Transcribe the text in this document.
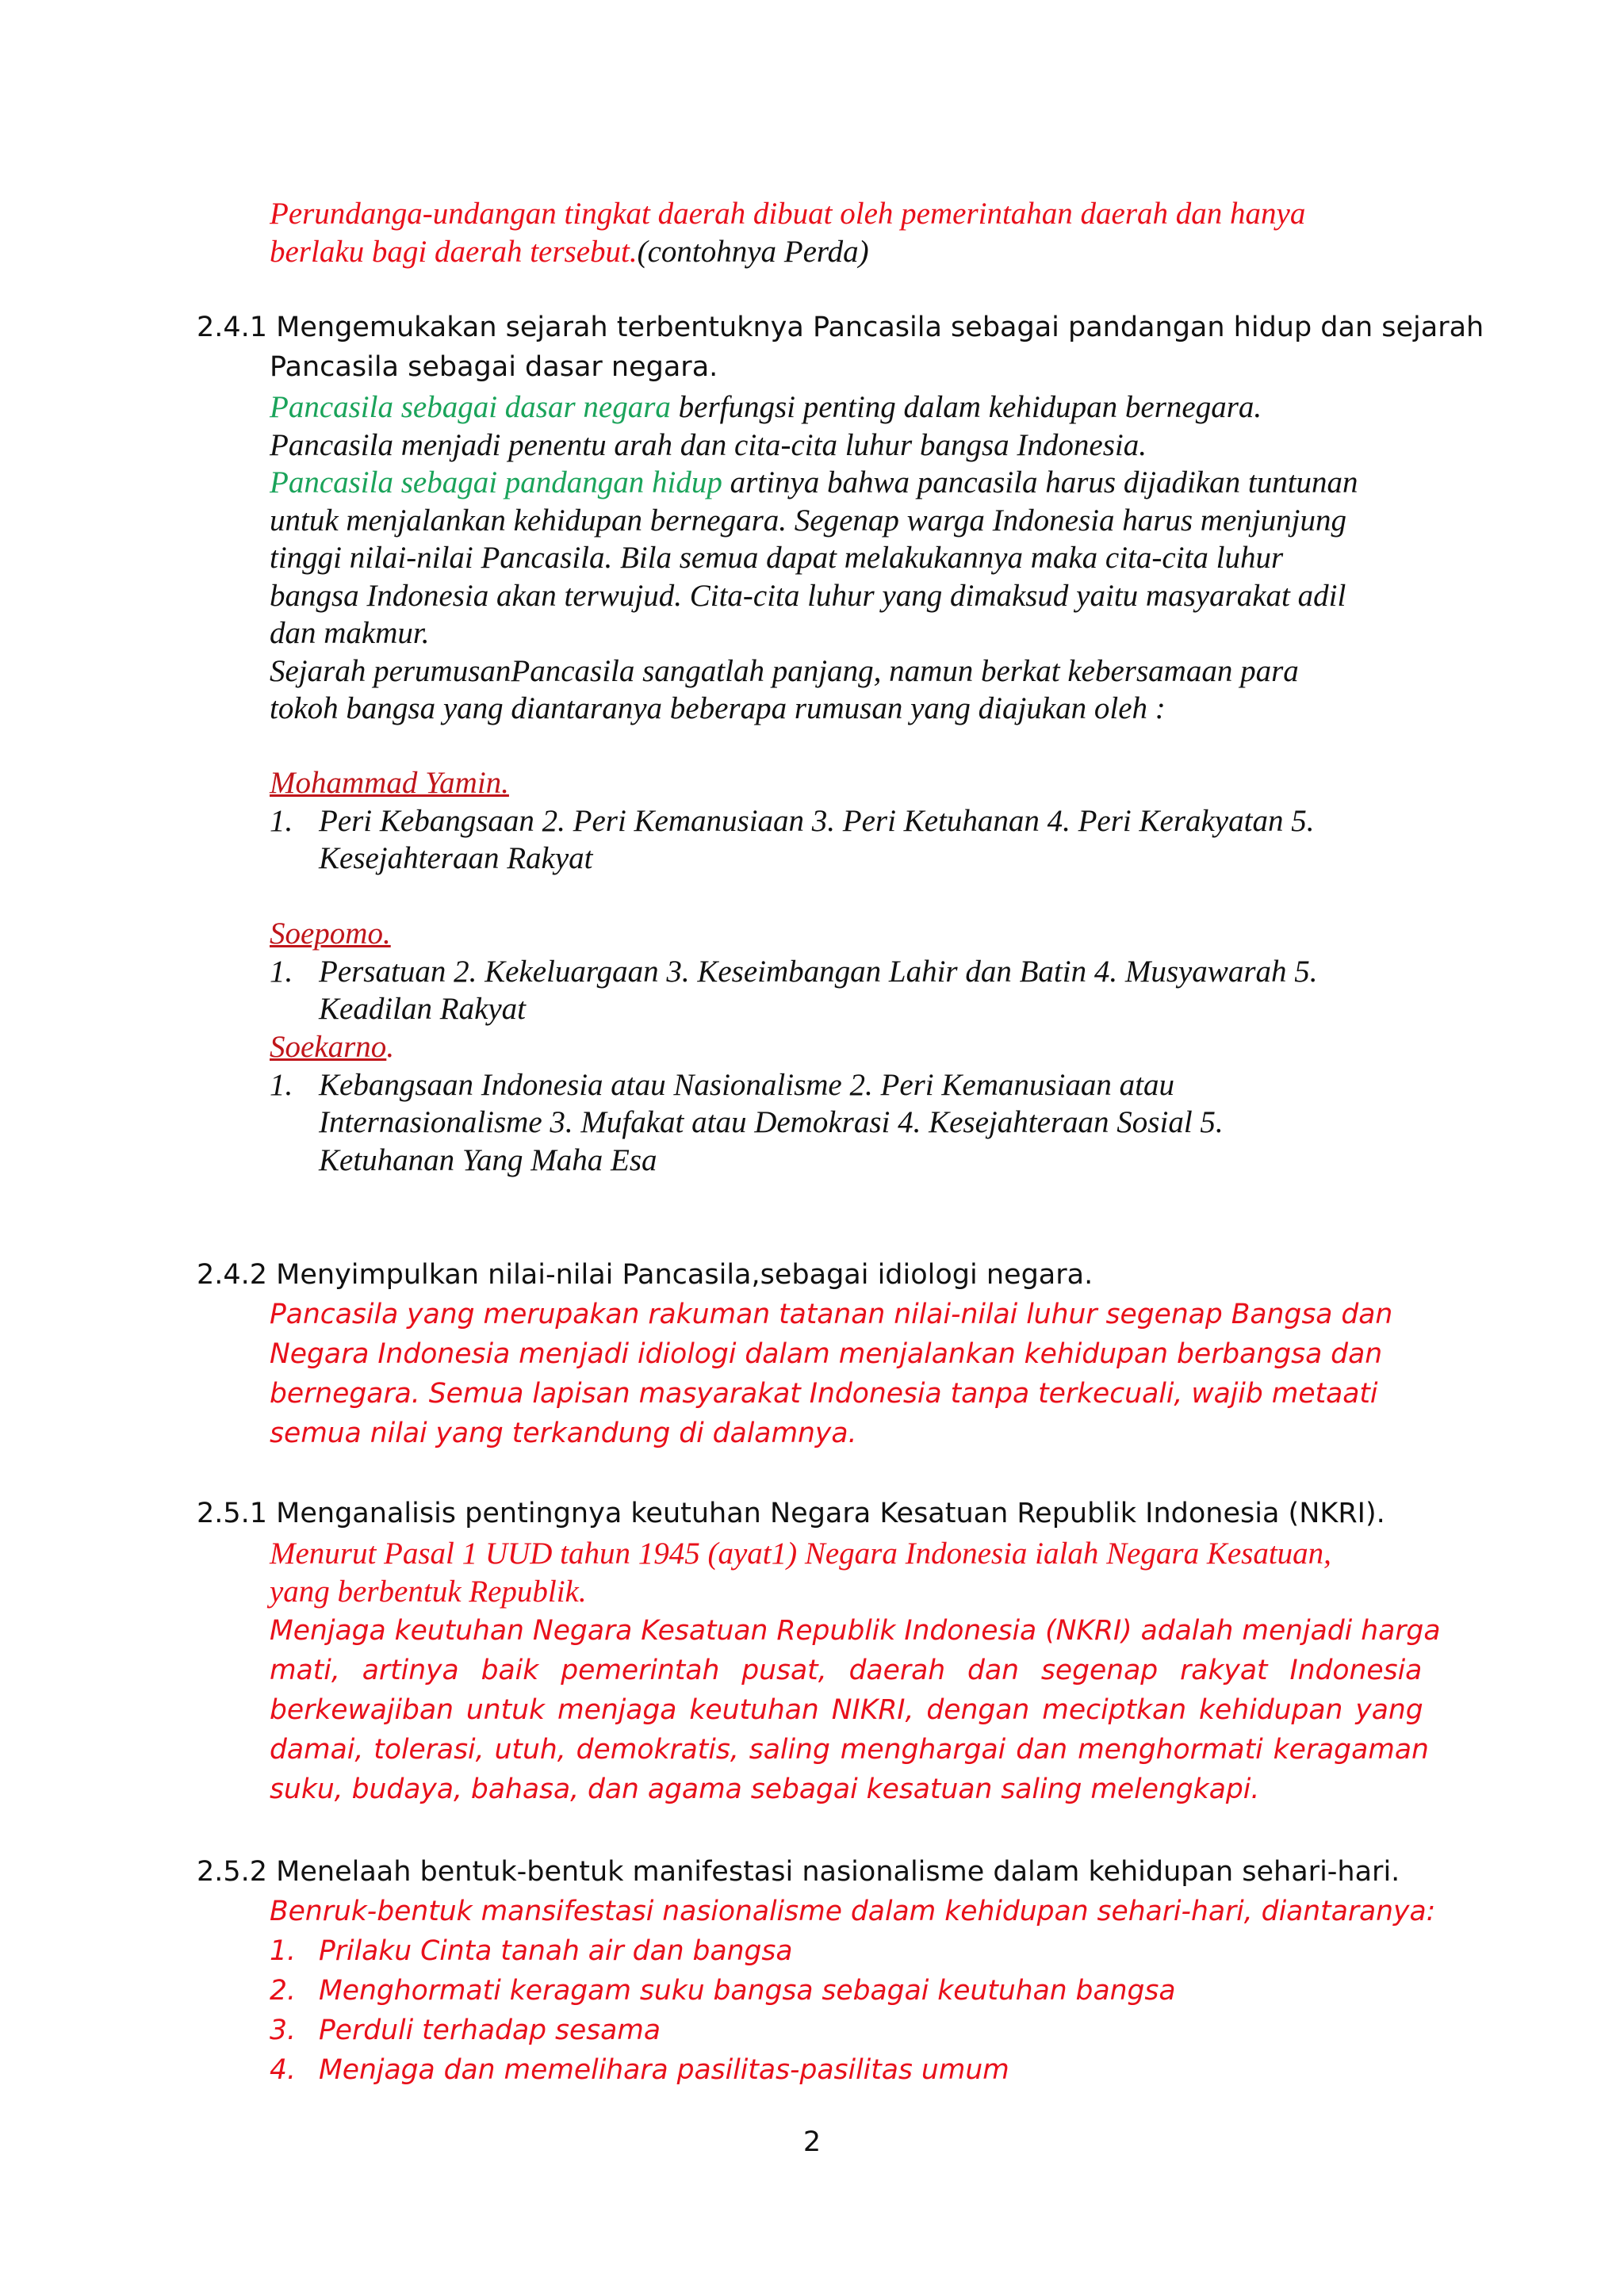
Perundanga-undangan tingkat daerah dibuat oleh pemerintahan daerah dan hanya
berlaku bagi daerah tersebut.(contohnya Perda)
2.4.1 Mengemukakan sejarah terbentuknya Pancasila sebagai pandangan hidup dan sejarah
Pancasila sebagai dasar negara.
Pancasila sebagai dasar negara berfungsi penting dalam kehidupan bernegara.
Pancasila menjadi penentu arah dan cita-cita luhur bangsa Indonesia.
Pancasila sebagai pandangan hidup artinya bahwa pancasila harus dijadikan tuntunan
untuk menjalankan kehidupan bernegara. Segenap warga Indonesia harus menjunjung
tinggi nilai-nilai Pancasila. Bila semua dapat melakukannya maka cita-cita luhur
bangsa Indonesia akan terwujud. Cita-cita luhur yang dimaksud yaitu masyarakat adil
dan makmur.
Sejarah perumusanPancasila sangatlah panjang, namun berkat kebersamaan para
tokoh bangsa yang diantaranya beberapa rumusan yang diajukan oleh :
Mohammad Yamin.
1. Peri Kebangsaan 2. Peri Kemanusiaan 3. Peri Ketuhanan 4. Peri Kerakyatan 5.
Kesejahteraan Rakyat
Soepomo.
1. Persatuan 2. Kekeluargaan 3. Keseimbangan Lahir dan Batin 4. Musyawarah 5.
Keadilan Rakyat
Soekarno.
1. Kebangsaan Indonesia atau Nasionalisme 2. Peri Kemanusiaan atau
Internasionalisme 3. Mufakat atau Demokrasi 4. Kesejahteraan Sosial 5.
Ketuhanan Yang Maha Esa
2.4.2 Menyimpulkan nilai-nilai Pancasila,sebagai idiologi negara.
Pancasila yang merupakan rakuman tatanan nilai-nilai luhur segenap Bangsa dan
Negara Indonesia menjadi idiologi dalam menjalankan kehidupan berbangsa dan
bernegara. Semua lapisan masyarakat Indonesia tanpa terkecuali, wajib metaati
semua nilai yang terkandung di dalamnya.
2.5.1 Menganalisis pentingnya keutuhan Negara Kesatuan Republik Indonesia (NKRI).
Menurut Pasal 1 UUD tahun 1945 (ayat1) Negara Indonesia ialah Negara Kesatuan,
yang berbentuk Republik.
Menjaga keutuhan Negara Kesatuan Republik Indonesia (NKRI) adalah menjadi harga
mati, artinya baik pemerintah pusat, daerah dan segenap rakyat Indonesia
berkewajiban untuk menjaga keutuhan NIKRI, dengan meciptkan kehidupan yang
damai, tolerasi, utuh, demokratis, saling menghargai dan menghormati keragaman
suku, budaya, bahasa, dan agama sebagai kesatuan saling melengkapi.
2.5.2 Menelaah bentuk-bentuk manifestasi nasionalisme dalam kehidupan sehari-hari.
Benruk-bentuk mansifestasi nasionalisme dalam kehidupan sehari-hari, diantaranya:
1. Prilaku Cinta tanah air dan bangsa
2. Menghormati keragam suku bangsa sebagai keutuhan bangsa
3. Perduli terhadap sesama
4. Menjaga dan memelihara pasilitas-pasilitas umum
2
